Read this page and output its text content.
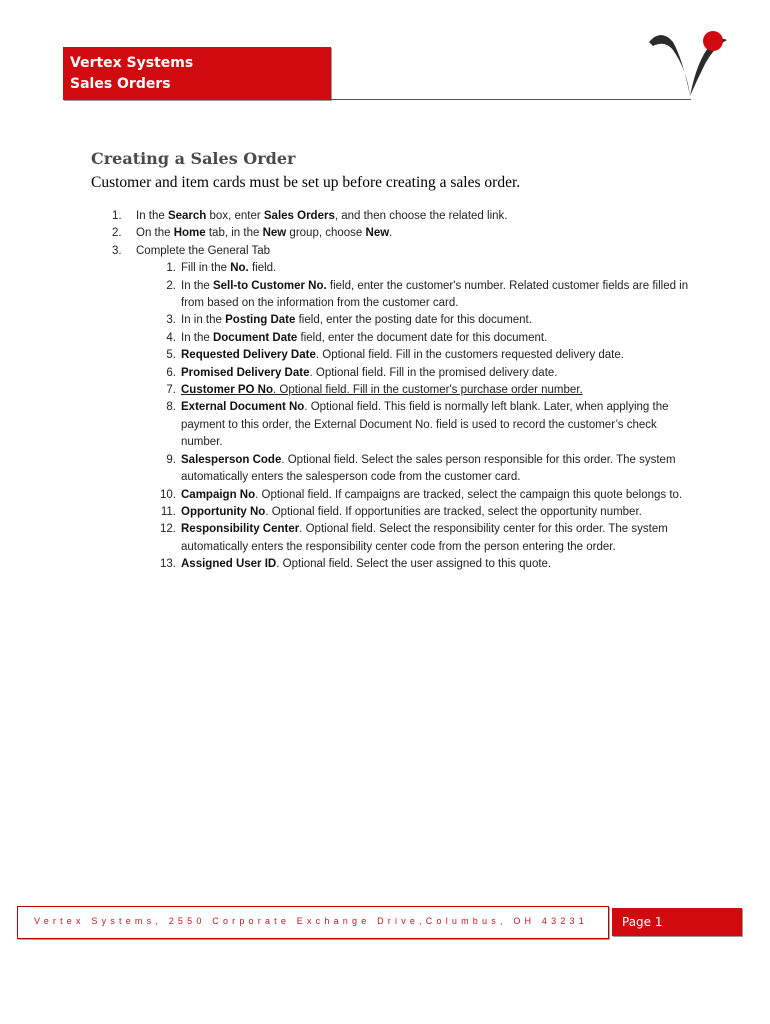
Vertex Systems
Sales Orders
Creating a Sales Order

Customer and item cards must be set up before creating a sales order.

1. In the Search box, enter Sales Orders, and then choose the related link.
2. On the Home tab, in the New group, choose New.
3. Complete the General Tab
1. Fill in the No. field.
2. In the Sell-to Customer No. field, enter the customer's number. Related customer fields are filled in from based on the information from the customer card.
3. In in the Posting Date field, enter the posting date for this document.
4. In the Document Date field, enter the document date for this document.
5. Requested Delivery Date. Optional field. Fill in the customers requested delivery date.
6. Promised Delivery Date. Optional field. Fill in the promised delivery date.
7. Customer PO No. Optional field. Fill in the customer's purchase order number.
8. External Document No. Optional field. This field is normally left blank. Later, when applying the payment to this order, the External Document No. field is used to record the customer’s check number.
9. Salesperson Code. Optional field. Select the sales person responsible for this order. The system automatically enters the salesperson code from the customer card.
10. Campaign No. Optional field. If campaigns are tracked, select the campaign this quote belongs to.
11. Opportunity No. Optional field. If opportunities are tracked, select the opportunity number.
12. Responsibility Center. Optional field. Select the responsibility center for this order. The system automatically enters the responsibility center code from the person entering the order.
13. Assigned User ID. Optional field. Select the user assigned to this quote.
Vertex Systems, 2550 Corporate Exchange Drive,Columbus, OH 43231	Page 1
